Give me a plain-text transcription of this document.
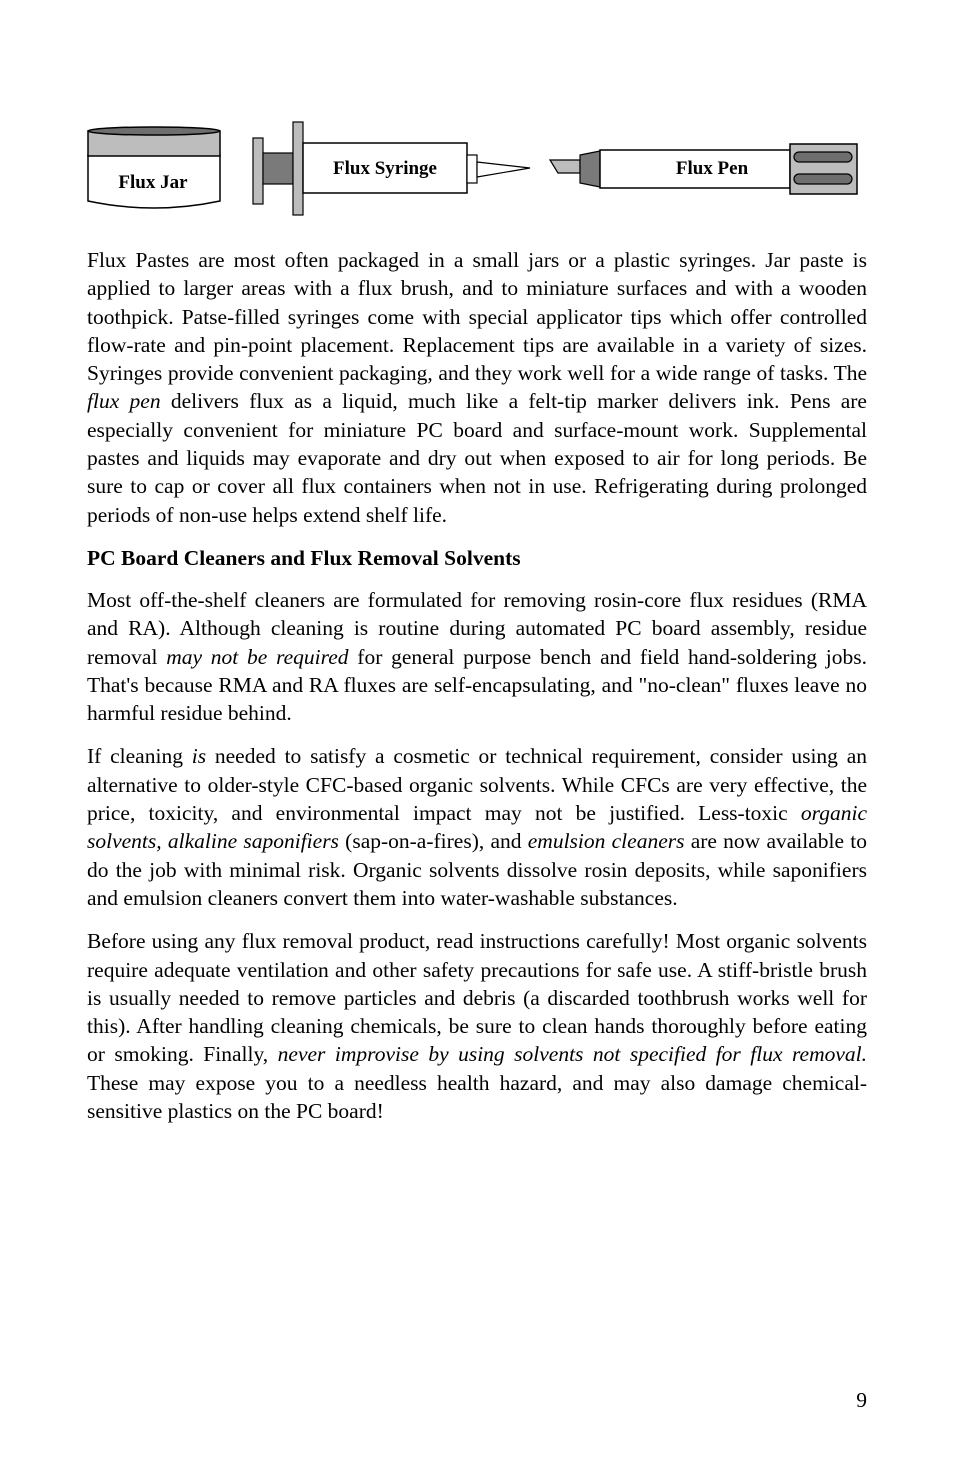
Flux Jar
Flux Syringe	Flux Pen

Flux Pastes are most often packaged in a small jars or a plastic syringes. Jar paste is applied to larger areas with a flux brush, and to miniature surfaces and with a wooden toothpick. Patse-filled syringes come with special applicator tips which offer controlled flow-rate and pin-point placement. Replacement tips are available in a variety of sizes. Syringes provide convenient packaging, and they work well for a wide range of tasks. The flux pen delivers flux as a liquid, much like a felt-tip marker delivers ink. Pens are especially convenient for miniature PC board and surface-mount work. Supplemental pastes and liquids may evaporate and dry out when exposed to air for long periods. Be sure to cap or cover all flux containers when not in use. Refrigerating during prolonged periods of non-use helps extend shelf life.

PC Board Cleaners and Flux Removal Solvents

Most off-the-shelf cleaners are formulated for removing rosin-core flux residues (RMA and RA). Although cleaning is routine during automated PC board assembly, residue removal may not be required for general purpose bench and field hand-soldering jobs. That's because RMA and RA fluxes are self-encapsulating, and "no-clean" fluxes leave no harmful residue behind.

If cleaning is needed to satisfy a cosmetic or technical requirement, consider using an alternative to older-style CFC-based organic solvents. While CFCs are very effective, the price, toxicity, and environmental impact may not be justified. Less-toxic organic solvents, alkaline saponifiers (sap-on-a-fires), and emulsion cleaners are now available to do the job with minimal risk. Organic solvents dissolve rosin deposits, while saponifiers and emulsion cleaners convert them into water-washable substances.

Before using any flux removal product, read instructions carefully! Most organic solvents require adequate ventilation and other safety precautions for safe use. A stiff-bristle brush is usually needed to remove particles and debris (a discarded toothbrush works well for this). After handling cleaning chemicals, be sure to clean hands thoroughly before eating or smoking. Finally, never improvise by using solvents not specified for flux removal. These may expose you to a needless health hazard, and may also damage chemical-sensitive plastics on the PC board!

9
